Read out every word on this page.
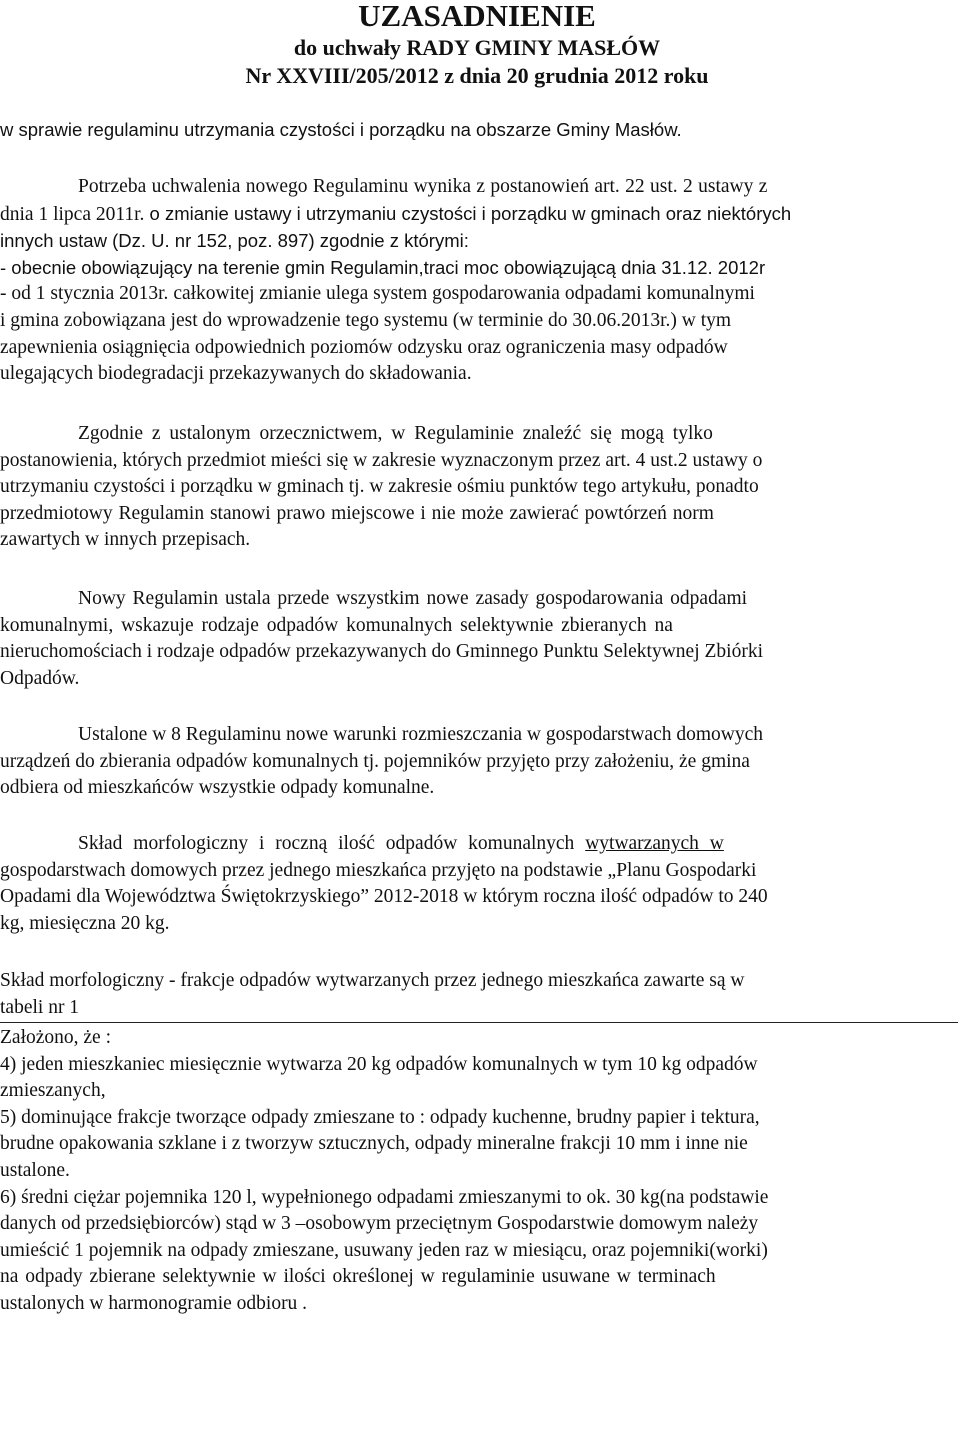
UZASADNIENIE
do uchwały RADY GMINY MASŁÓW
Nr XXVIII/205/2012 z dnia 20 grudnia 2012 roku

w sprawie regulaminu utrzymania czystości i porządku na obszarze Gminy Masłów.

Potrzeba uchwalenia nowego Regulaminu wynika z postanowień art. 22 ust. 2 ustawy z
dnia 1 lipca 2011r. o zmianie ustawy i utrzymaniu czystości i porządku w gminach oraz niektórych
innych ustaw (Dz. U. nr 152, poz. 897) zgodnie z którymi:
- obecnie obowiązujący na terenie gmin Regulamin,traci moc obowiązującą dnia 31.12. 2012r
- od 1 stycznia 2013r. całkowitej zmianie ulega system gospodarowania odpadami komunalnymi
i gmina zobowiązana jest do wprowadzenie tego systemu (w terminie do 30.06.2013r.) w tym
zapewnienia osiągnięcia odpowiednich poziomów odzysku oraz ograniczenia masy odpadów
ulegających biodegradacji przekazywanych do składowania.
Zgodnie z ustalonym orzecznictwem, w Regulaminie znaleźć się mogą tylko
postanowienia, których przedmiot mieści się w zakresie wyznaczonym przez art. 4 ust.2 ustawy o
utrzymaniu czystości i porządku w gminach tj. w zakresie ośmiu punktów tego artykułu, ponadto
przedmiotowy Regulamin stanowi prawo miejscowe i nie może zawierać powtórzeń norm
zawartych w innych przepisach.
Nowy Regulamin ustala przede wszystkim nowe zasady gospodarowania odpadami
komunalnymi, wskazuje rodzaje odpadów komunalnych selektywnie zbieranych na
nieruchomościach i rodzaje odpadów przekazywanych do Gminnego Punktu Selektywnej Zbiórki
Odpadów.
Ustalone w 8 Regulaminu nowe warunki rozmieszczania w gospodarstwach domowych
urządzeń do zbierania odpadów komunalnych tj. pojemników przyjęto przy założeniu, że gmina
odbiera od mieszkańców wszystkie odpady komunalne.
Skład morfologiczny i roczną ilość odpadów komunalnych wytwarzanych w
gospodarstwach domowych przez jednego mieszkańca przyjęto na podstawie „Planu Gospodarki
Opadami dla Województwa Świętokrzyskiego” 2012-2018 w którym roczna ilość odpadów to 240
kg, miesięczna 20 kg.
Skład morfologiczny - frakcje odpadów wytwarzanych przez jednego mieszkańca zawarte są w
tabeli nr 1
Założono, że :
4) jeden mieszkaniec miesięcznie wytwarza 20 kg odpadów komunalnych w tym 10 kg odpadów
zmieszanych,
5) dominujące frakcje tworzące odpady zmieszane to : odpady kuchenne, brudny papier i tektura,
brudne opakowania szklane i z tworzyw sztucznych, odpady mineralne frakcji 10 mm i inne nie
ustalone.
6) średni ciężar pojemnika 120 l, wypełnionego odpadami zmieszanymi to ok. 30 kg(na podstawie
danych od przedsiębiorców) stąd w 3 –osobowym przeciętnym Gospodarstwie domowym należy
umieścić 1 pojemnik na odpady zmieszane, usuwany jeden raz w miesiącu, oraz pojemniki(worki)
na odpady zbierane selektywnie w ilości określonej w regulaminie usuwane w terminach
ustalonych w harmonogramie odbioru .
